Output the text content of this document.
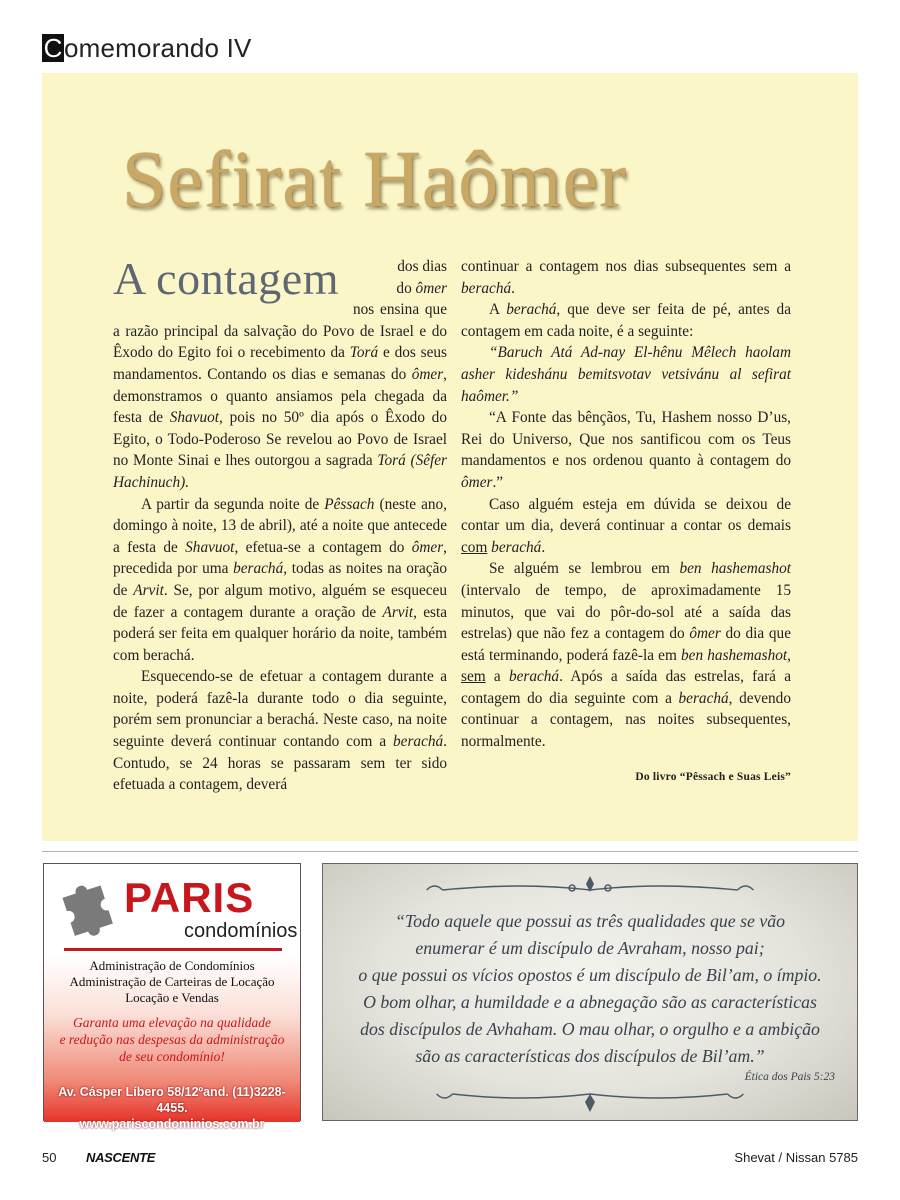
C omemorando IV
Sefirat Haômer

A contagem	dos dias
do ômer
nos ensina que a razão principal da salvação do Povo de Israel e do Êxodo do Egito foi o recebimento da Torá e dos seus mandamentos. Contando os dias e semanas do ômer, demonstramos o quanto ansiamos pela chegada da festa de Shavuot, pois no 50º dia após o Êxodo do Egito, o Todo-Poderoso Se revelou ao Povo de Israel no Monte Sinai e lhes outorgou a sagrada Torá (Sêfer Hachinuch).

A partir da segunda noite de Pêssach (neste ano, domingo à noite, 13 de abril), até a noite que antecede a festa de Shavuot, efetua-se a contagem do ômer, precedida por uma berachá, todas as noites na oração de Arvit. Se, por algum motivo, alguém se esqueceu de fazer a contagem durante a oração de Arvit, esta poderá ser feita em qualquer horário da noite, também com berachá.

Esquecendo-se de efetuar a contagem durante a noite, poderá fazê-la durante todo o dia seguinte, porém sem pronunciar a berachá. Neste caso, na noite seguinte deverá continuar contando com a berachá. Contudo, se 24 horas se passaram sem ter sido efetuada a contagem, deverá

continuar a contagem nos dias subsequentes sem a berachá.

A berachá, que deve ser feita de pé, antes da contagem em cada noite, é a seguinte:

“Baruch Atá Ad-nay El-hênu Mêlech haolam asher kideshánu bemitsvotav vetsivánu al sefirat haômer.”

“A Fonte das bênçãos, Tu, Hashem nosso D’us, Rei do Universo, Que nos santificou com os Teus mandamentos e nos ordenou quanto à contagem do ômer.”

Caso alguém esteja em dúvida se deixou de contar um dia, deverá continuar a contar os demais com berachá.

Se alguém se lembrou em ben hashemashot (intervalo de tempo, de aproximadamente 15 minutos, que vai do pôr-do-sol até a saída das estrelas) que não fez a contagem do ômer do dia que está terminando, poderá fazê-la em ben hashemashot, sem a berachá. Após a saída das estrelas, fará a contagem do dia seguinte com a berachá, devendo continuar a contagem, nas noites subsequentes, normalmente.

Do livro “Pêssach e Suas Leis”

PARIS
condomínios
Administração de Condomínios
Administração de Carteiras de Locação
Locação e Vendas
Garanta uma elevação na qualidade
e redução nas despesas da administração
de seu condomínio!
Av. Cásper Líbero 58/12ºand. (11)3228-4455.
www.pariscondominios.com.br
“Todo aquele que possui as três qualidades que se vão
enumerar é um discípulo de Avraham, nosso pai;
o que possui os vícios opostos é um discípulo de Bil’am, o ímpio.
O bom olhar, a humildade e a abnegação são as características
dos discípulos de Avhaham. O mau olhar, o orgulho e a ambição
são as características dos discípulos de Bil’am.”
Ética dos Pais 5:23
50 NASCENTE	Shevat / Nissan 5785
